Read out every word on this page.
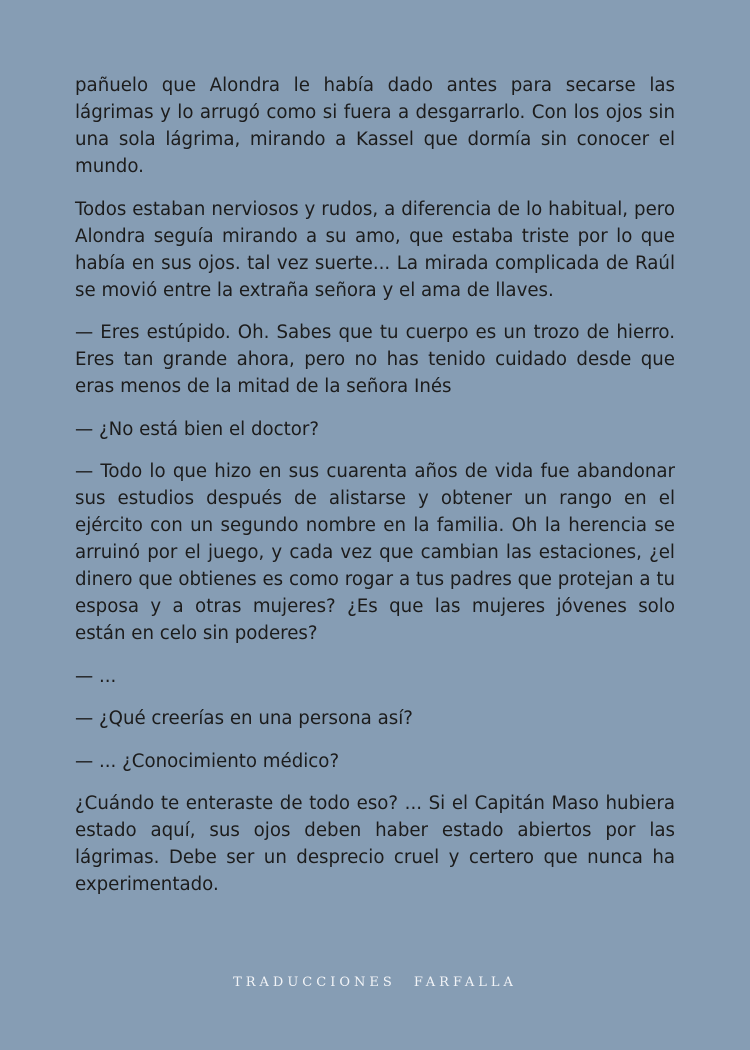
pañuelo que Alondra le había dado antes para secarse las lágrimas y lo arrugó como si fuera a desgarrarlo. Con los ojos sin una sola lágrima, mirando a Kassel que dormía sin conocer el mundo.

Todos estaban nerviosos y rudos, a diferencia de lo habitual, pero Alondra seguía mirando a su amo, que estaba triste por lo que había en sus ojos. tal vez suerte... La mirada complicada de Raúl se movió entre la extraña señora y el ama de llaves.

— Eres estúpido. Oh. Sabes que tu cuerpo es un trozo de hierro. Eres tan grande ahora, pero no has tenido cuidado desde que eras menos de la mitad de la señora Inés

— ¿No está bien el doctor?

— Todo lo que hizo en sus cuarenta años de vida fue abandonar sus estudios después de alistarse y obtener un rango en el ejército con un segundo nombre en la familia. Oh la herencia se arruinó por el juego, y cada vez que cambian las estaciones, ¿el dinero que obtienes es como rogar a tus padres que protejan a tu esposa y a otras mujeres? ¿Es que las mujeres jóvenes solo están en celo sin poderes?

— ...

— ¿Qué creerías en una persona así?

— ... ¿Conocimiento médico?

¿Cuándo te enteraste de todo eso? ... Si el Capitán Maso hubiera estado aquí, sus ojos deben haber estado abiertos por las lágrimas. Debe ser un desprecio cruel y certero que nunca ha experimentado.

TRADUCCIONES FARFALLA
